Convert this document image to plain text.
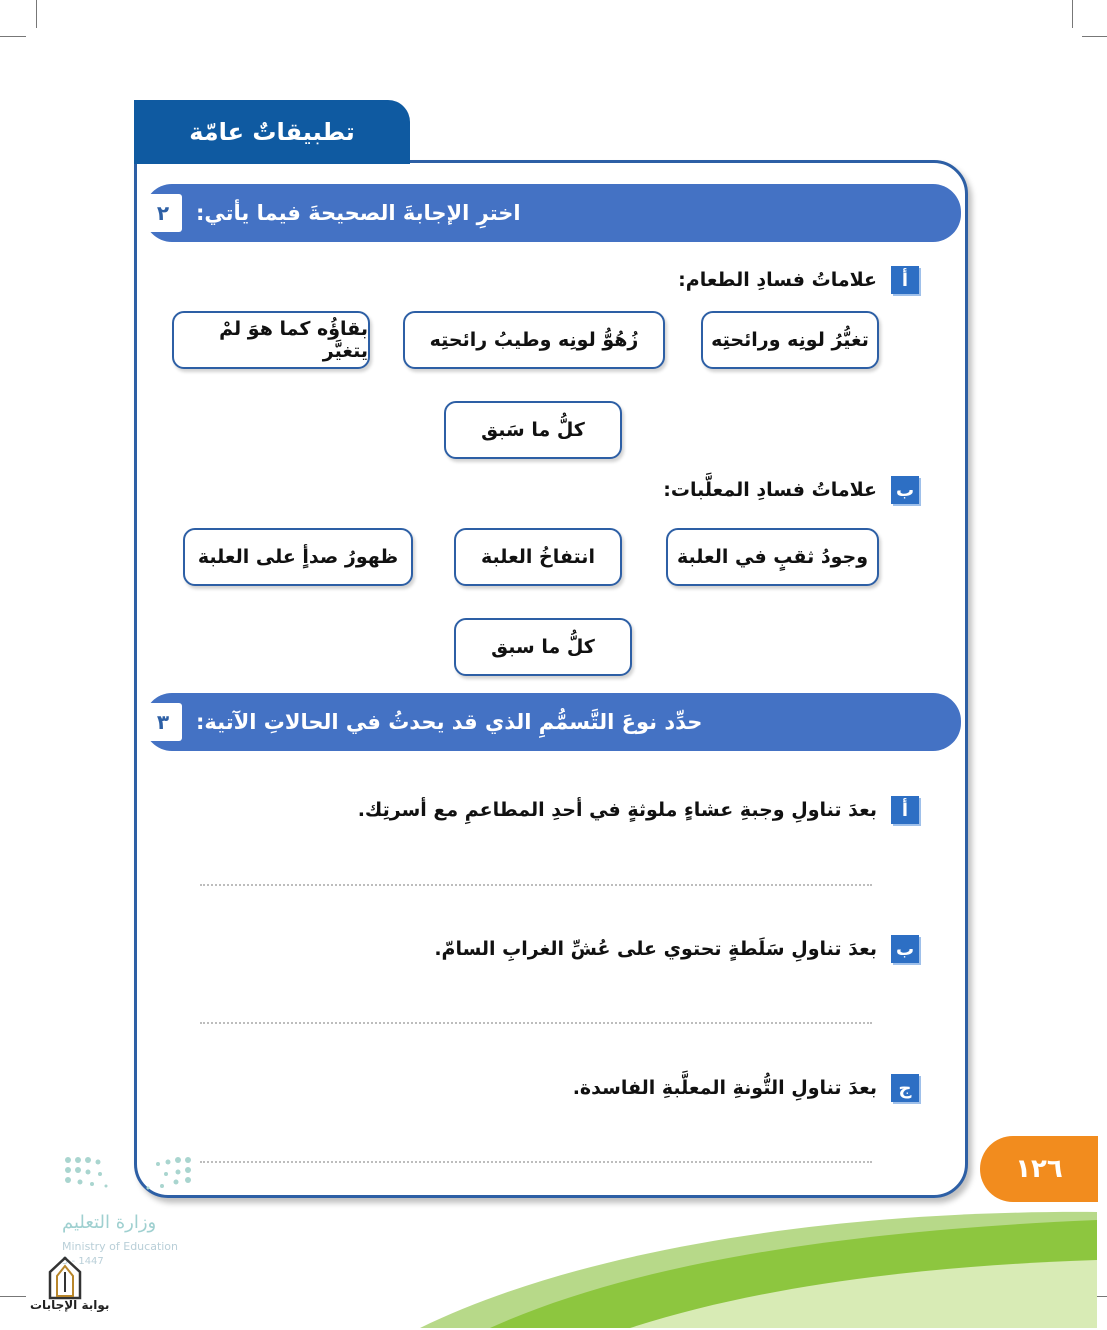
تطبيقاتٌ عامّة
٢	اخترِ الإجابةَ الصحيحةَ فيما يأتي:
أ
علاماتُ فسادِ الطعام:
تغيُّرُ لونِه ورائحتِه
زُهُوُّ لونِه وطيبُ رائحتِه
بقاؤُه كما هوَ لمْ يتغيَّر
كلُّ ما سَبق
ب
علاماتُ فسادِ المعلَّبات:
وجودُ ثقبٍ في العلبة
انتفاخُ العلبة
ظهورُ صدأٍ على العلبة
كلُّ ما سبق
٣	حدِّد نوعَ التَّسمُّمِ الذي قد يحدثُ في الحالاتِ الآتية:
أ
بعدَ تناولِ وجبةِ عشاءٍ ملوثةٍ في أحدِ المطاعمِ مع أسرتِك.
ب
بعدَ تناولِ سَلَطةٍ تحتوي على عُشِّ الغرابِ السامّ.
ج
بعدَ تناولِ التُّونةِ المعلَّبةِ الفاسدة.
١٢٦
وزارة التعليم
Ministry of Education
5 - 1447
بوابة الإجابات
